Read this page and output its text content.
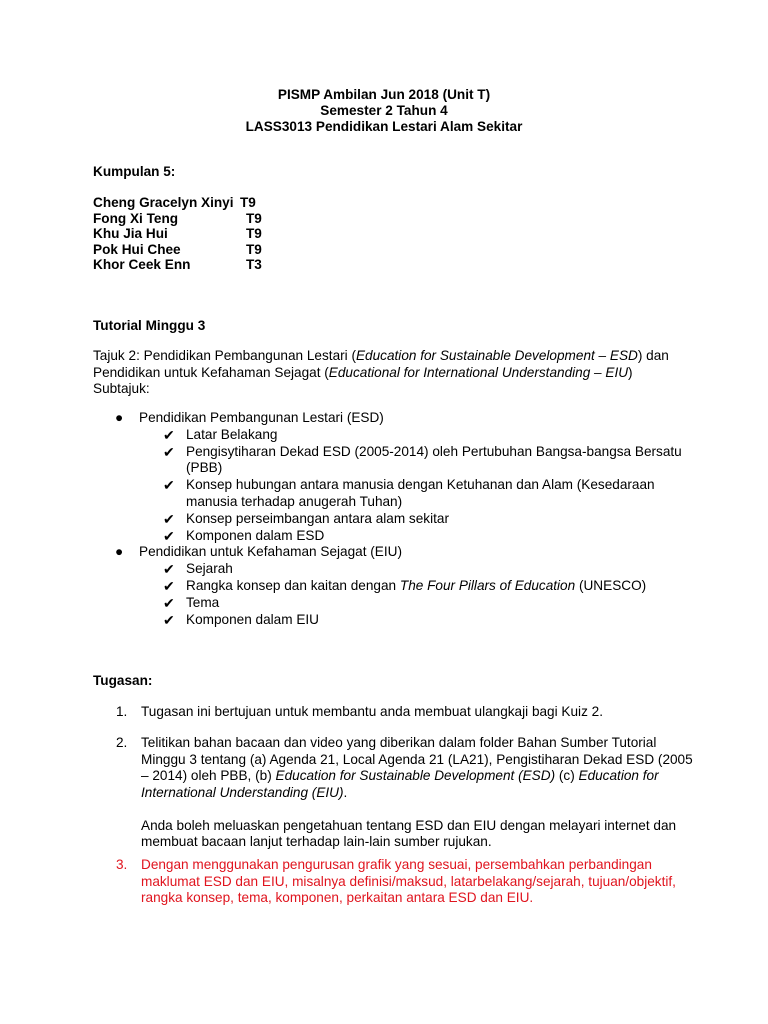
PISMP Ambilan Jun 2018 (Unit T)
Semester 2 Tahun 4
LASS3013 Pendidikan Lestari Alam Sekitar
Kumpulan 5:
Cheng Gracelyn Xinyi T9
Fong Xi Teng	T9
Khu Jia Hui	T9
Pok Hui Chee	T9
Khor Ceek Enn	T3
Tutorial Minggu 3

Tajuk 2: Pendidikan Pembangunan Lestari (Education for Sustainable Development – ESD) dan Pendidikan untuk Kefahaman Sejagat (Educational for International Understanding – EIU)

Subtajuk:

● Pendidikan Pembangunan Lestari (ESD)
✔ Latar Belakang
✔ Pengisytiharan Dekad ESD (2005-2014) oleh Pertubuhan Bangsa-bangsa Bersatu (PBB)
✔ Konsep hubungan antara manusia dengan Ketuhanan dan Alam (Kesedaraan manusia terhadap anugerah Tuhan)
✔ Konsep perseimbangan antara alam sekitar
✔ Komponen dalam ESD
● Pendidikan untuk Kefahaman Sejagat (EIU)
✔ Sejarah
✔ Rangka konsep dan kaitan dengan The Four Pillars of Education (UNESCO)
✔ Tema
✔ Komponen dalam EIU
Tugasan:
1. Tugasan ini bertujuan untuk membantu anda membuat ulangkaji bagi Kuiz 2.

2. Telitikan bahan bacaan dan video yang diberikan dalam folder Bahan Sumber Tutorial Minggu 3 tentang (a) Agenda 21, Local Agenda 21 (LA21), Pengistiharan Dekad ESD (2005 – 2014) oleh PBB, (b) Education for Sustainable Development (ESD) (c) Education for International Understanding (EIU).

Anda boleh meluaskan pengetahuan tentang ESD dan EIU dengan melayari internet dan membuat bacaan lanjut terhadap lain-lain sumber rujukan.

3. Dengan menggunakan pengurusan grafik yang sesuai, persembahkan perbandingan maklumat ESD dan EIU, misalnya definisi/maksud, latarbelakang/sejarah, tujuan/objektif, rangka konsep, tema, komponen, perkaitan antara ESD dan EIU.
